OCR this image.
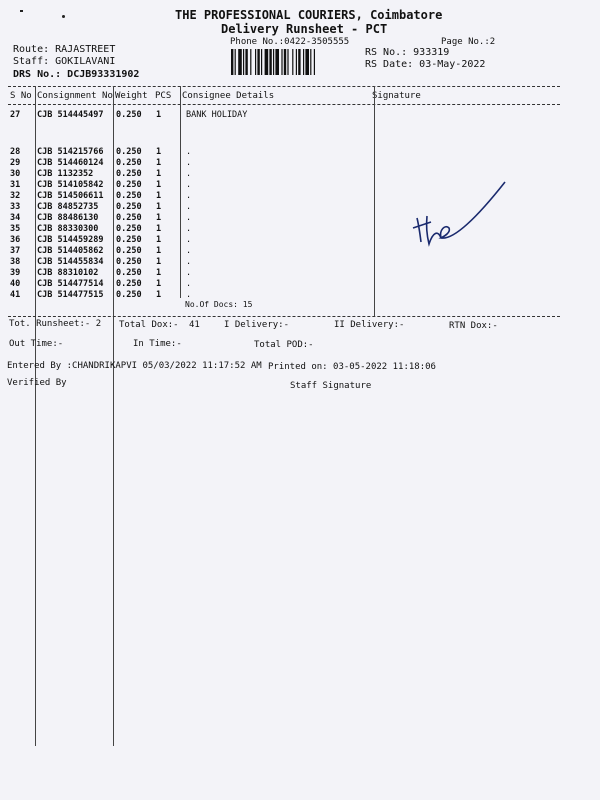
THE PROFESSIONAL COURIERS, Coimbatore
Delivery Runsheet - PCT
Phone No.:0422-3505555	Page No.:2
Route: RAJASTREET
Staff: GOKILAVANI
DRS No.: DCJB93331902
RS No.: 933319
RS Date: 03-May-2022
S No Consignment No Weight PCS Consignee Details	Signature
27 CJB 514445497 0.250 1	BANK HOLIDAY
28 CJB 514215766 0.250 1	.
29 CJB 514460124 0.250 1	.
30 CJB 1132352	0.250 1	.
31 CJB 514105842 0.250 1	.
32 CJB 514506611 0.250 1	.
33 CJB 84852735 0.250 1	.
34 CJB 88486130 0.250 1	.
35 CJB 88330300 0.250 1	.
36 CJB 514459289 0.250 1	.
37 CJB 514405862 0.250 1	.
38 CJB 514455834 0.250 1	.
39 CJB 88310102 0.250 1	.
40 CJB 514477514 0.250 1	.
41 CJB 514477515 0.250 1	.
No.Of Docs: 15
Tot. Runsheet:- 2 Total Dox:- 41	I Delivery:-	II Delivery:-	RTN Dox:-
Out Time:-	In Time:-	Total POD:-
Entered By :CHANDRIKAPVI 05/03/2022 11:17:52 AM Printed on: 03-05-2022 11:18:06
Verified By	Staff Signature
